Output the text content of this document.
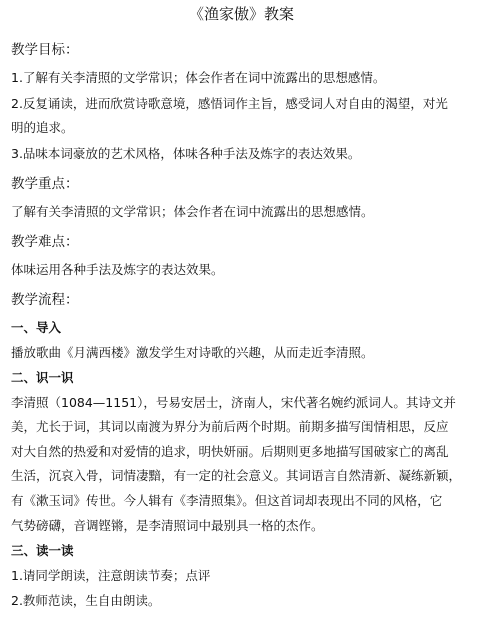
《渔家傲》教案
教学目标：
1.了解有关李清照的文学常识；体会作者在词中流露出的思想感情。
2.反复诵读，进而欣赏诗歌意境，感悟词作主旨，感受词人对自由的渴望，对光
明的追求。
3.品味本词豪放的艺术风格，体味各种手法及炼字的表达效果。
教学重点：
了解有关李清照的文学常识；体会作者在词中流露出的思想感情。
教学难点：
体味运用各种手法及炼字的表达效果。
教学流程：
一、导入
播放歌曲《月满西楼》激发学生对诗歌的兴趣，从而走近李清照。
二、识一识
李清照（1084—1151），号易安居士，济南人，宋代著名婉约派词人。其诗文并
美，尤长于词，其词以南渡为界分为前后两个时期。前期多描写闺情相思，反应
对大自然的热爱和对爱情的追求，明快妍丽。后期则更多地描写国破家亡的离乱
生活，沉哀入骨，词情凄黯，有一定的社会意义。其词语言自然清新、凝练新颖，
有《漱玉词》传世。今人辑有《李清照集》。但这首词却表现出不同的风格，它
气势磅礴，音调铿锵，是李清照词中最别具一格的杰作。
三、读一读
1.请同学朗读，注意朗读节奏；点评
2.教师范读，生自由朗读。
